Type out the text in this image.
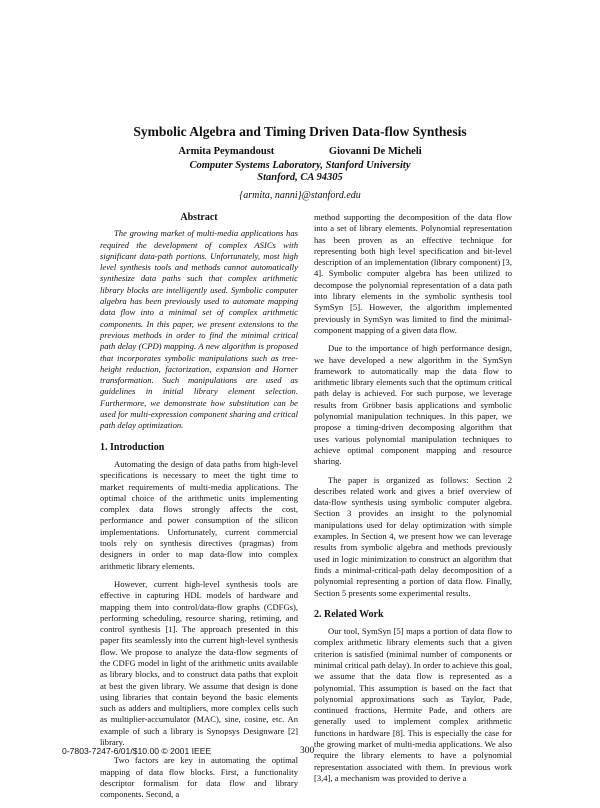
Symbolic Algebra and Timing Driven Data-flow Synthesis
Armita Peymandoust	Giovanni De Micheli
Computer Systems Laboratory, Stanford University
Stanford, CA 94305
{armita, nanni}@stanford.edu
Abstract

The growing market of multi-media applications has required the development of complex ASICs with significant data-path portions. Unfortunately, most high level synthesis tools and methods cannot automatically synthesize data paths such that complex arithmetic library blocks are intelligently used. Symbolic computer algebra has been previously used to automate mapping data flow into a minimal set of complex arithmetic components. In this paper, we present extensions to the previous methods in order to find the minimal critical path delay (CPD) mapping. A new algorithm is proposed that incorporates symbolic manipulations such as tree-height reduction, factorization, expansion and Horner transformation. Such manipulations are used as guidelines in initial library element selection. Furthermore, we demonstrate how substitution can be used for multi-expression component sharing and critical path delay optimization.

1. Introduction

Automating the design of data paths from high-level specifications is necessary to meet the tight time to market requirements of multi-media applications. The optimal choice of the arithmetic units implementing complex data flows strongly affects the cost, performance and power consumption of the silicon implementations. Unfortunately, current commercial tools rely on synthesis directives (pragmas) from designers in order to map data-flow into complex arithmetic library elements.

However, current high-level synthesis tools are effective in capturing HDL models of hardware and mapping them into control/data-flow graphs (CDFGs), performing scheduling, resource sharing, retiming, and control synthesis [1]. The approach presented in this paper fits seamlessly into the current high-level synthesis flow. We propose to analyze the data-flow segments of the CDFG model in light of the arithmetic units available as library blocks, and to construct data paths that exploit at best the given library. We assume that design is done using libraries that contain beyond the basic elements such as adders and multipliers, more complex cells such as multiplier-accumulator (MAC), sine, cosine, etc. An example of such a library is Synopsys Designware [2] library.

Two factors are key in automating the optimal mapping of data flow blocks. First, a functionality descriptor formalism for data flow and library components. Second, a

method supporting the decomposition of the data flow into a set of library elements. Polynomial representation has been proven as an effective technique for representing both high level specification and bit-level description of an implementation (library component) [3, 4]. Symbolic computer algebra has been utilized to decompose the polynomial representation of a data path into library elements in the symbolic synthesis tool SymSyn [5]. However, the algorithm implemented previously in SymSyn was limited to find the minimal-component mapping of a given data flow.

Due to the importance of high performance design, we have developed a new algorithm in the SymSyn framework to automatically map the data flow to arithmetic library elements such that the optimum critical path delay is achieved. For such purpose, we leverage results from Gröbner basis applications and symbolic polynomial manipulation techniques. In this paper, we propose a timing-driven decomposing algorithm that uses various polynomial manipulation techniques to achieve optimal component mapping and resource sharing.

The paper is organized as follows: Section 2 describes related work and gives a brief overview of data-flow synthesis using symbolic computer algebra. Section 3 provides an insight to the polynomial manipulations used for delay optimization with simple examples. In Section 4, we present how we can leverage results from symbolic algebra and methods previously used in logic minimization to construct an algorithm that finds a minimal-critical-path delay decomposition of a polynomial representing a portion of data flow. Finally, Section 5 presents some experimental results.

2. Related Work

Our tool, SymSyn [5] maps a portion of data flow to complex arithmetic library elements such that a given criterion is satisfied (minimal number of components or minimal critical path delay). In order to achieve this goal, we assume that the data flow is represented as a polynomial. This assumption is based on the fact that polynomial approximations such as Taylor, Pade, continued fractions, Hermite Pade, and others are generally used to implement complex arithmetic functions in hardware [8]. This is especially the case for the growing market of multi-media applications. We also require the library elements to have a polynomial representation associated with them. In previous work [3,4], a mechanism was provided to derive a

0-7803-7247-6/01/$10.00 © 2001 IEEE	300
